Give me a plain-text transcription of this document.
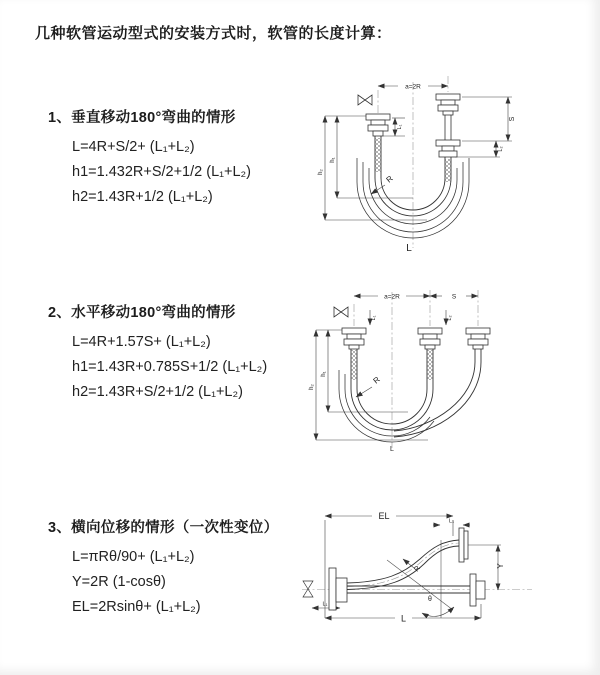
几种软管运动型式的安装方式时，软管的长度计算：
1、垂直移动180°弯曲的情形
L=4R+S/2+ (L₁+L₂)
h1=1.432R+S/2+1/2 (L₁+L₂)
h2=1.43R+1/2 (L₁+L₂)
2、水平移动180°弯曲的情形
L=4R+1.57S+ (L₁+L₂)
h1=1.43R+0.785S+1/2 (L₁+L₂)
h2=1.43R+S/2+1/2 (L₁+L₂)
3、横向位移的情形（一次性变位）
L=πRθ/90+ (L₁+L₂)
Y=2R (1-cosθ)
EL=2Rsinθ+ (L₁+L₂)
a=2R
S
L₂
L₁
h₁
h₂
R
L
a=2R	S
L₁	L₂
h₁
h₂
R
L
EL
L₁
Y
L₁
R
θ
L
